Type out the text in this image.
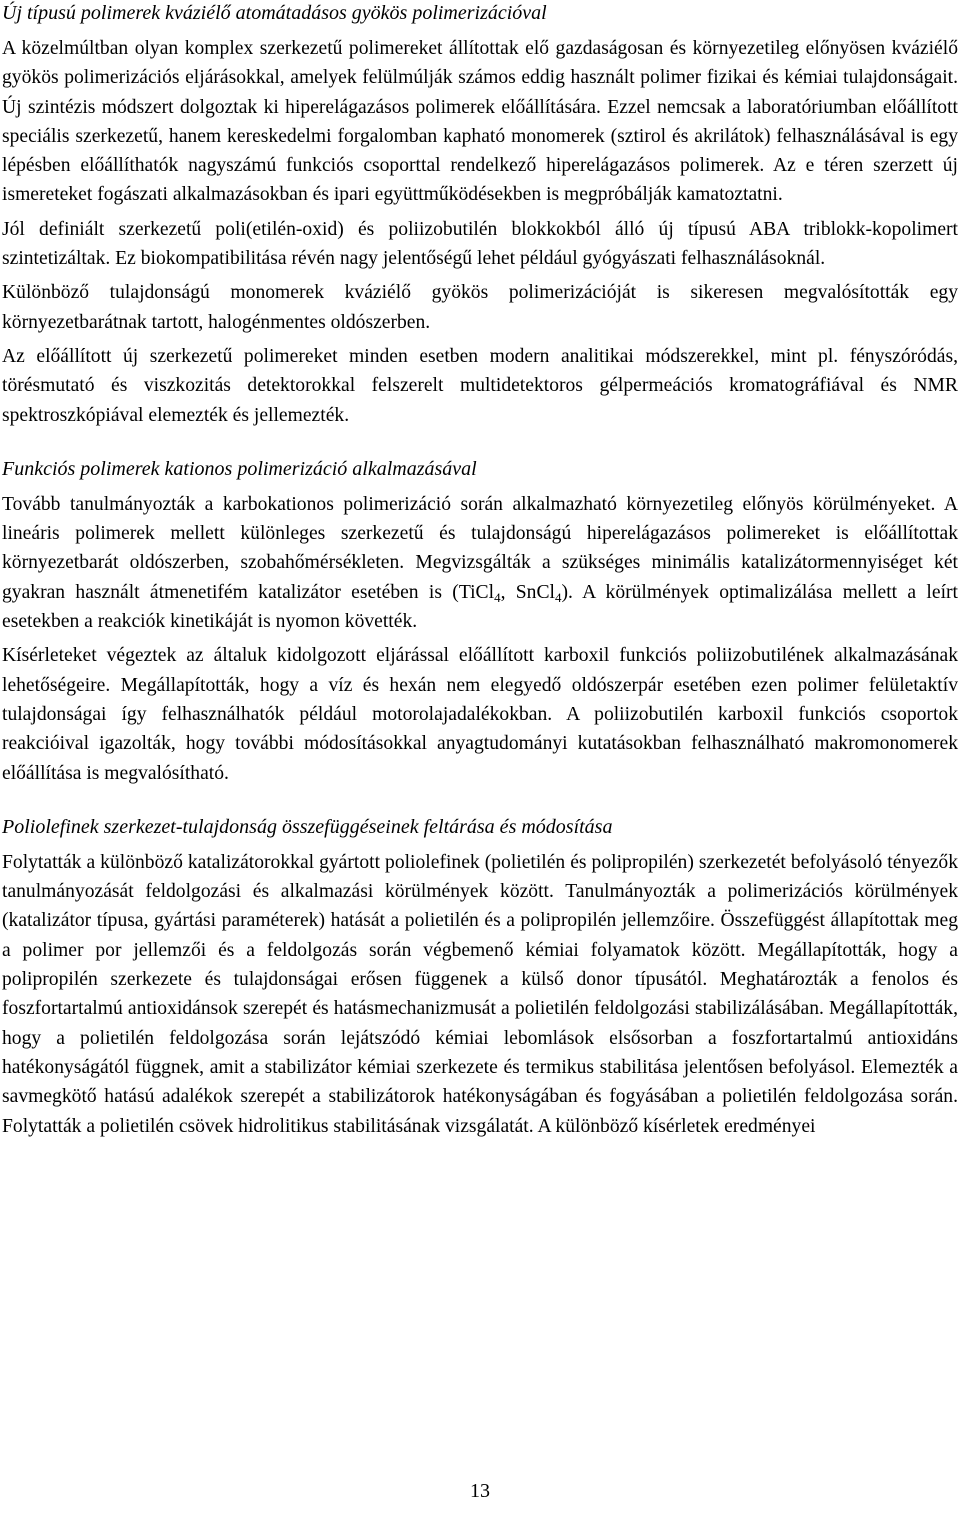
Új típusú polimerek kváziélő atomátadásos gyökös polimerizációval

A közelmúltban olyan komplex szerkezetű polimereket állítottak elő gazdaságosan és környezetileg előnyösen kváziélő gyökös polimerizációs eljárásokkal, amelyek felülmúlják számos eddig használt polimer fizikai és kémiai tulajdonságait. Új szintézis módszert dolgoztak ki hiperelágazásos polimerek előállítására. Ezzel nemcsak a laboratóriumban előállított speciális szerkezetű, hanem kereskedelmi forgalomban kapható monomerek (sztirol és akrilátok) felhasználásával is egy lépésben előállíthatók nagyszámú funkciós csoporttal rendelkező hiperelágazásos polimerek. Az e téren szerzett új ismereteket fogászati alkalmazásokban és ipari együttműködésekben is megpróbálják kamatoztatni.

Jól definiált szerkezetű poli(etilén-oxid) és poliizobutilén blokkokból álló új típusú ABA triblokk-kopolimert szintetizáltak. Ez biokompatibilitása révén nagy jelentőségű lehet például gyógyászati felhasználásoknál.

Különböző tulajdonságú monomerek kváziélő gyökös polimerizációját is sikeresen megvalósították egy környezetbarátnak tartott, halogénmentes oldószerben.

Az előállított új szerkezetű polimereket minden esetben modern analitikai módszerekkel, mint pl. fényszóródás, törésmutató és viszkozitás detektorokkal felszerelt multidetektoros gélpermeációs kromatográfiával és NMR spektroszkópiával elemezték és jellemezték.

Funkciós polimerek kationos polimerizáció alkalmazásával

Tovább tanulmányozták a karbokationos polimerizáció során alkalmazható környezetileg előnyös körülményeket. A lineáris polimerek mellett különleges szerkezetű és tulajdonságú hiperelágazásos polimereket is előállítottak környezetbarát oldószerben, szobahőmérsékleten. Megvizsgálták a szükséges minimális katalizátormennyiséget két gyakran használt átmenetifém katalizátor esetében is (TiCl$_4$, SnCl$_4$). A körülmények optimalizálása mellett a leírt esetekben a reakciók kinetikáját is nyomon követték.

Kísérleteket végeztek az általuk kidolgozott eljárással előállított karboxil funkciós poliizobutilének alkalmazásának lehetőségeire. Megállapították, hogy a víz és hexán nem elegyedő oldószerpár esetében ezen polimer felületaktív tulajdonságai így felhasználhatók például motorolajadalékokban. A poliizobutilén karboxil funkciós csoportok reakcióival igazolták, hogy további módosításokkal anyagtudományi kutatásokban felhasználható makromonomerek előállítása is megvalósítható.

Poliolefinek szerkezet-tulajdonság összefüggéseinek feltárása és módosítása

Folytatták a különböző katalizátorokkal gyártott poliolefinek (polietilén és polipropilén) szerkezetét befolyásoló tényezők tanulmányozását feldolgozási és alkalmazási körülmények között. Tanulmányozták a polimerizációs körülmények (katalizátor típusa, gyártási paraméterek) hatását a polietilén és a polipropilén jellemzőire. Összefüggést állapítottak meg a polimer por jellemzői és a feldolgozás során végbemenő kémiai folyamatok között. Megállapították, hogy a polipropilén szerkezete és tulajdonságai erősen függenek a külső donor típusától. Meghatározták a fenolos és foszfortartalmú antioxidánsok szerepét és hatásmechanizmusát a polietilén feldolgozási stabilizálásában. Megállapították, hogy a polietilén feldolgozása során lejátszódó kémiai lebomlások elsősorban a foszfortartalmú antioxidáns hatékonyságától függnek, amit a stabilizátor kémiai szerkezete és termikus stabilitása jelentősen befolyásol. Elemezték a savmegkötő hatású adalékok szerepét a stabilizátorok hatékonyságában és fogyásában a polietilén feldolgozása során. Folytatták a polietilén csövek hidrolitikus stabilitásának vizsgálatát. A különböző kísérletek eredményei

13
